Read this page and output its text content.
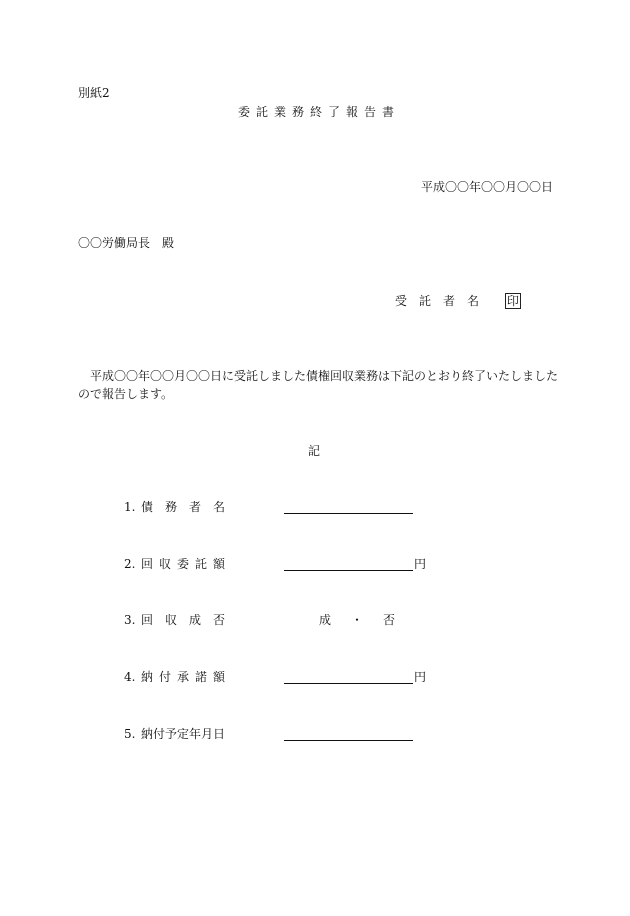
別紙2
委託業務終了報告書
平成〇〇年〇〇月〇〇日
〇〇労働局長　殿
受託者名 印
平成〇〇年〇〇月〇〇日に受託しました債権回収業務は下記のとおり終了いたしました
ので報告します。
記
1. 債務者名
2. 回収委託額	円
3. 回収成否	成　・　否
4. 納付承諾額	円
5. 納付予定年月日
